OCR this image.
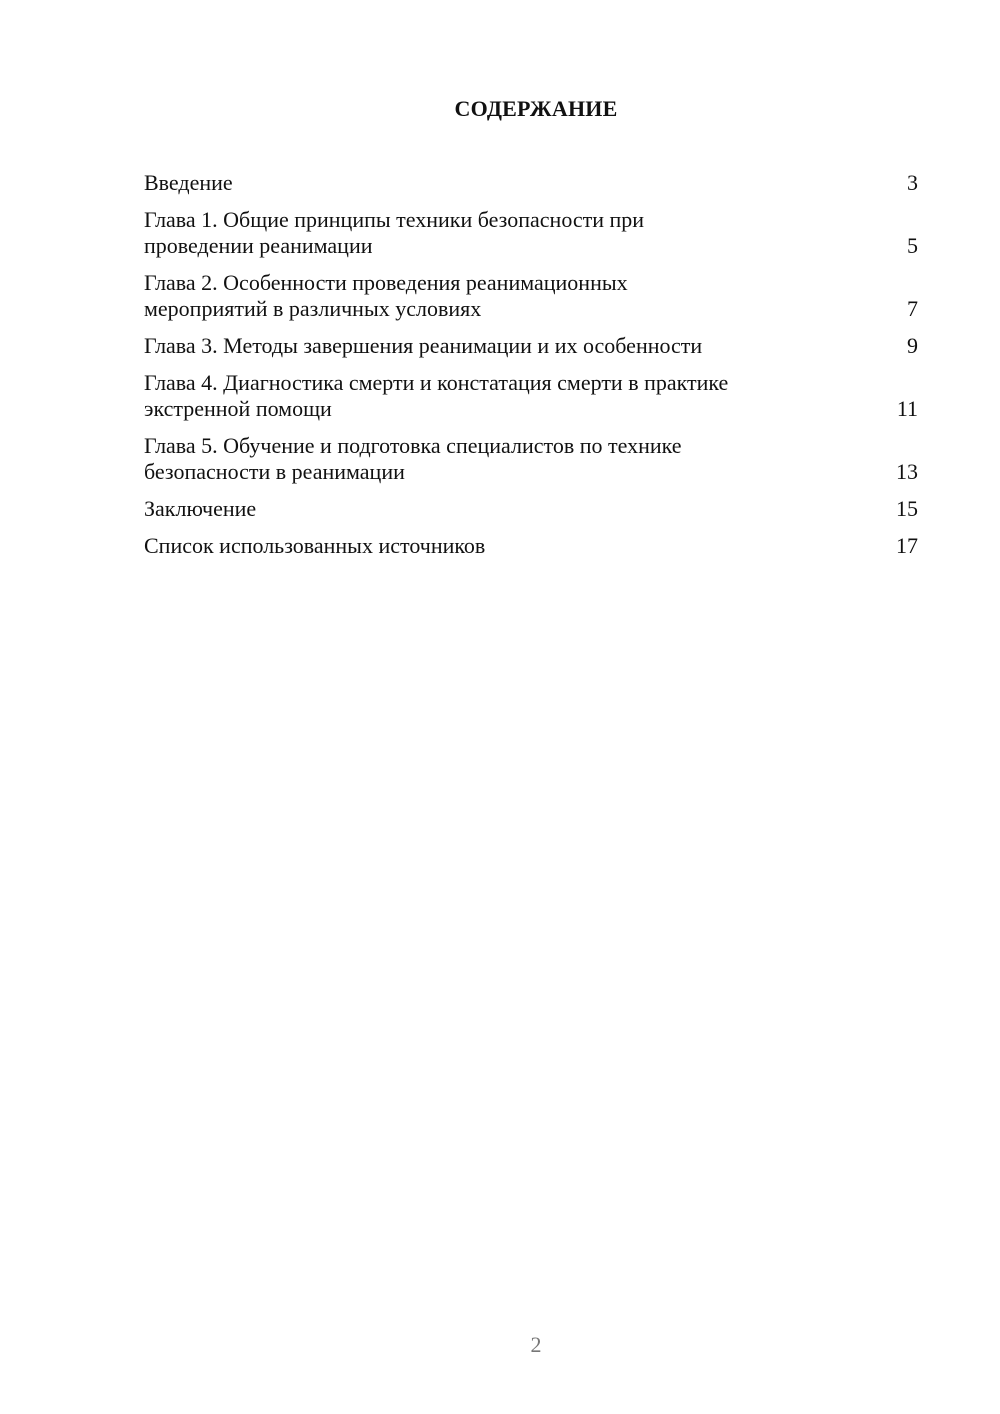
СОДЕРЖАНИЕ
Введение	3
Глава 1. Общие принципы техники безопасности при проведении реанимации	5
Глава 2. Особенности проведения реанимационных мероприятий в различных условиях	7
Глава 3. Методы завершения реанимации и их особенности	9
Глава 4. Диагностика смерти и констатация смерти в практике экстренной помощи	11
Глава 5. Обучение и подготовка специалистов по технике безопасности в реанимации	13
Заключение	15
Список использованных источников	17
2
